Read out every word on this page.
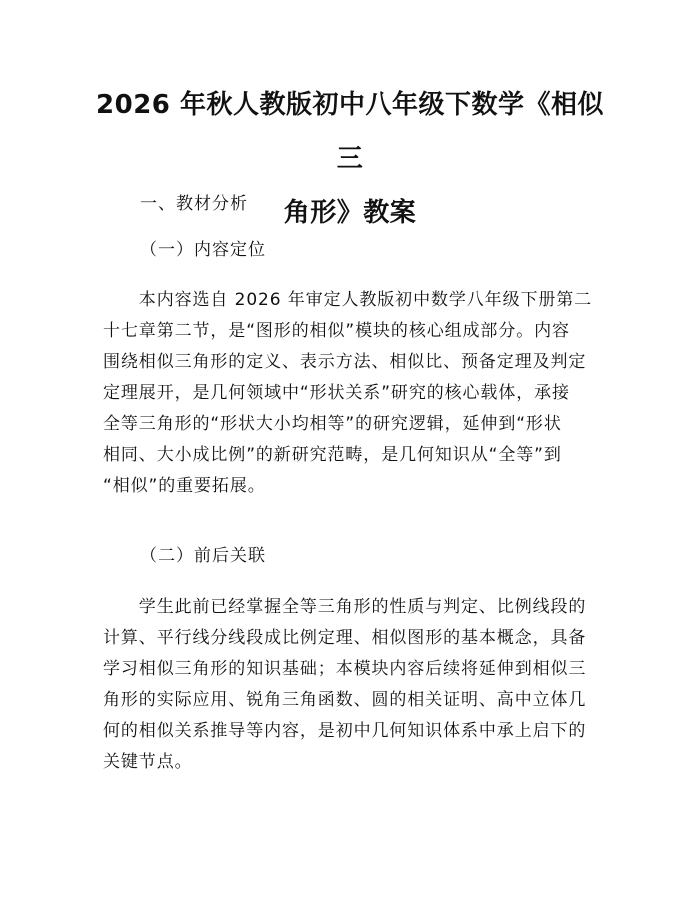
2026 年秋人教版初中八年级下数学《相似三
角形》教案
一、教材分析
（一）内容定位
　　本内容选自 2026 年审定人教版初中数学八年级下册第二
十七章第二节，是“图形的相似”模块的核心组成部分。内容
围绕相似三角形的定义、表示方法、相似比、预备定理及判定
定理展开，是几何领域中“形状关系”研究的核心载体，承接
全等三角形的“形状大小均相等”的研究逻辑，延伸到“形状
相同、大小成比例”的新研究范畴，是几何知识从“全等”到
“相似”的重要拓展。
（二）前后关联
　　学生此前已经掌握全等三角形的性质与判定、比例线段的
计算、平行线分线段成比例定理、相似图形的基本概念，具备
学习相似三角形的知识基础；本模块内容后续将延伸到相似三
角形的实际应用、锐角三角函数、圆的相关证明、高中立体几
何的相似关系推导等内容，是初中几何知识体系中承上启下的
关键节点。
